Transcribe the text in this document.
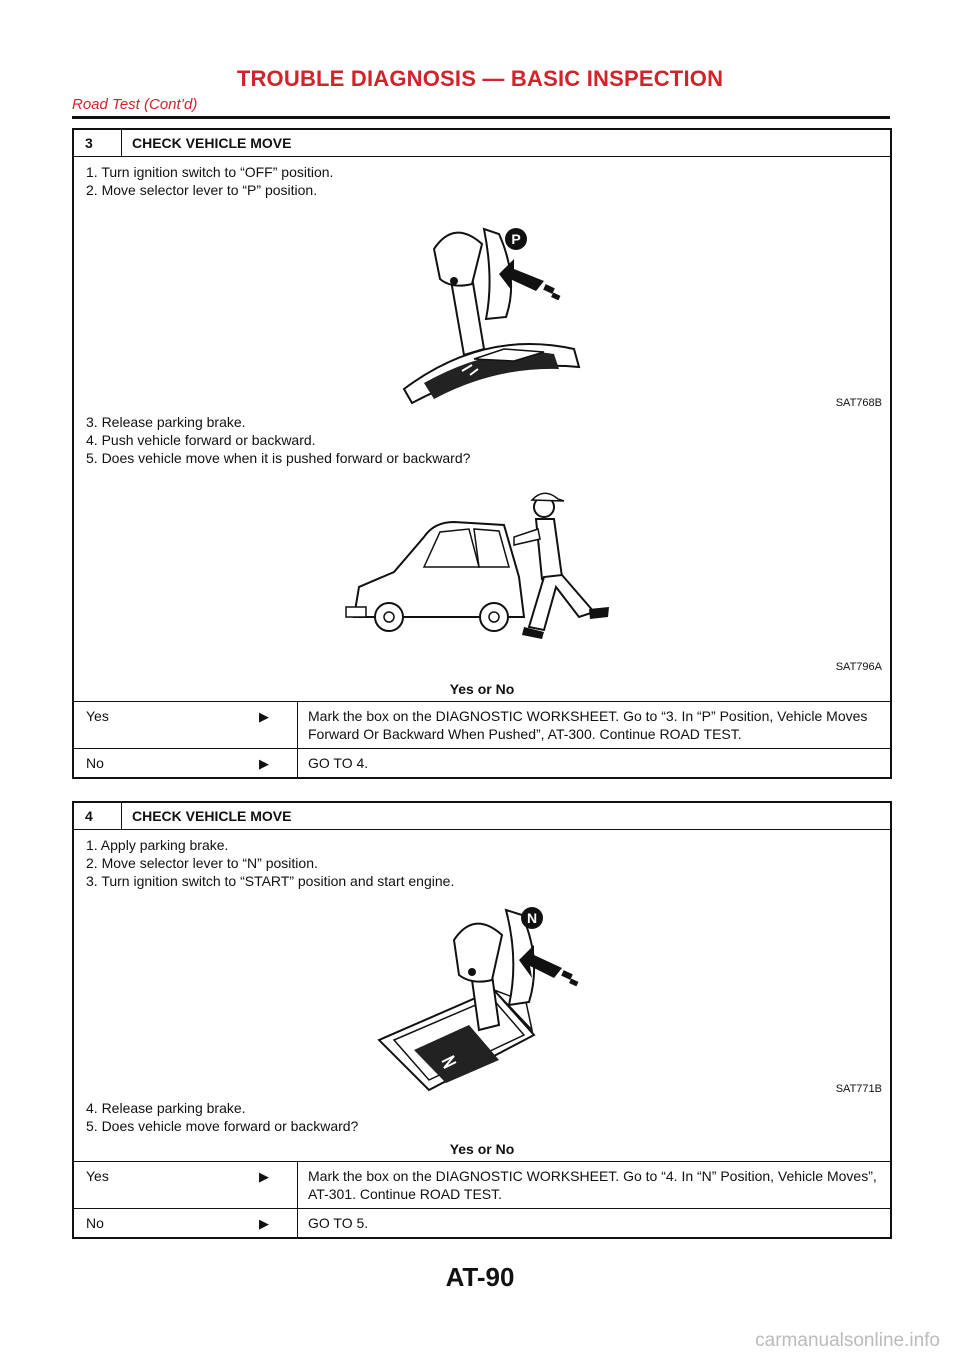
TROUBLE DIAGNOSIS — BASIC INSPECTION
Road Test (Cont’d)
3	CHECK VEHICLE MOVE
1. Turn ignition switch to “OFF” position.
2. Move selector lever to “P” position.
P
SAT768B
3. Release parking brake.
4. Push vehicle forward or backward.
5. Does vehicle move when it is pushed forward or backward?
SAT796A
Yes or No
Yes	▶	Mark the box on the DIAGNOSTIC WORKSHEET. Go to “3. In “P” Position, Vehicle Moves Forward Or Backward When Pushed”, AT-300. Continue ROAD TEST.
No	▶	GO TO 4.
4	CHECK VEHICLE MOVE
1. Apply parking brake.
2. Move selector lever to “N” position.
3. Turn ignition switch to “START” position and start engine.
N
SAT771B
4. Release parking brake.
5. Does vehicle move forward or backward?
Yes or No
Yes	▶	Mark the box on the DIAGNOSTIC WORKSHEET. Go to “4. In “N” Position, Vehicle Moves”, AT-301. Continue ROAD TEST.
No	▶	GO TO 5.
AT-90
carmanualsonline.info
